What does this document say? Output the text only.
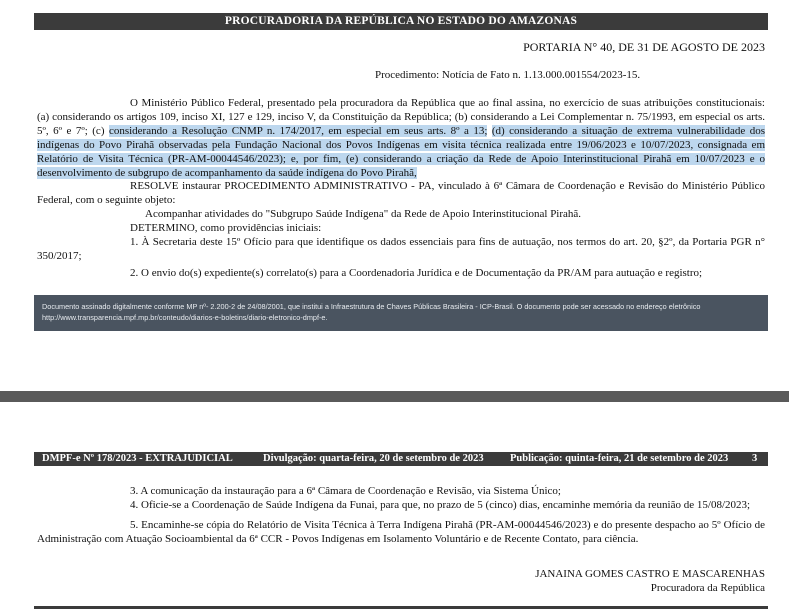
PROCURADORIA DA REPÚBLICA NO ESTADO DO AMAZONAS
PORTARIA N° 40, DE 31 DE AGOSTO DE 2023
Procedimento: Notícia de Fato n. 1.13.000.001554/2023-15.

O Ministério Público Federal, presentado pela procuradora da República que ao final assina, no exercício de suas atribuições constitucionais: (a) considerando os artigos 109, inciso XI, 127 e 129, inciso V, da Constituição da República; (b) considerando a Lei Complementar n. 75/1993, em especial os arts. 5º, 6º e 7º; (c) considerando a Resolução CNMP n. 174/2017, em especial em seus arts. 8º a 13; (d) considerando a situação de extrema vulnerabilidade dos indígenas do Povo Pirahã observadas pela Fundação Nacional dos Povos Indígenas em visita técnica realizada entre 19/06/2023 e 10/07/2023, consignada em Relatório de Visita Técnica (PR-AM-00044546/2023); e, por fim, (e) considerando a criação da Rede de Apoio Interinstitucional Pirahã em 10/07/2023 e o desenvolvimento de subgrupo de acompanhamento da saúde indígena do Povo Pirahã,

RESOLVE instaurar PROCEDIMENTO ADMINISTRATIVO - PA, vinculado à 6ª Câmara de Coordenação e Revisão do Ministério Público Federal, com o seguinte objeto:

Acompanhar atividades do "Subgrupo Saúde Indígena" da Rede de Apoio Interinstitucional Pirahã.

DETERMINO, como providências iniciais:

1. À Secretaria deste 15º Ofício para que identifique os dados essenciais para fins de autuação, nos termos do art. 20, §2º, da Portaria PGR n° 350/2017;

2. O envio do(s) expediente(s) correlato(s) para a Coordenadoria Jurídica e de Documentação da PR/AM para autuação e registro;

Documento assinado digitalmente conforme MP nº- 2.200-2 de 24/08/2001, que institui a Infraestrutura de Chaves Públicas Brasileira - ICP-Brasil. O documento pode ser acessado no endereço eletrônico http://www.transparencia.mpf.mp.br/conteudo/diarios-e-boletins/diario-eletronico-dmpf-e.
DMPF-e Nº 178/2023 - EXTRAJUDICIAL	Divulgação: quarta-feira, 20 de setembro de 2023	Publicação: quinta-feira, 21 de setembro de 2023 3

3. A comunicação da instauração para a 6ª Câmara de Coordenação e Revisão, via Sistema Único;

4. Oficie-se a Coordenação de Saúde Indígena da Funai, para que, no prazo de 5 (cinco) dias, encaminhe memória da reunião de 15/08/2023;

5. Encaminhe-se cópia do Relatório de Visita Técnica à Terra Indígena Pirahã (PR-AM-00044546/2023) e do presente despacho ao 5º Ofício de Administração com Atuação Socioambiental da 6ª CCR - Povos Indígenas em Isolamento Voluntário e de Recente Contato, para ciência.

JANAINA GOMES CASTRO E MASCARENHAS
Procuradora da República
